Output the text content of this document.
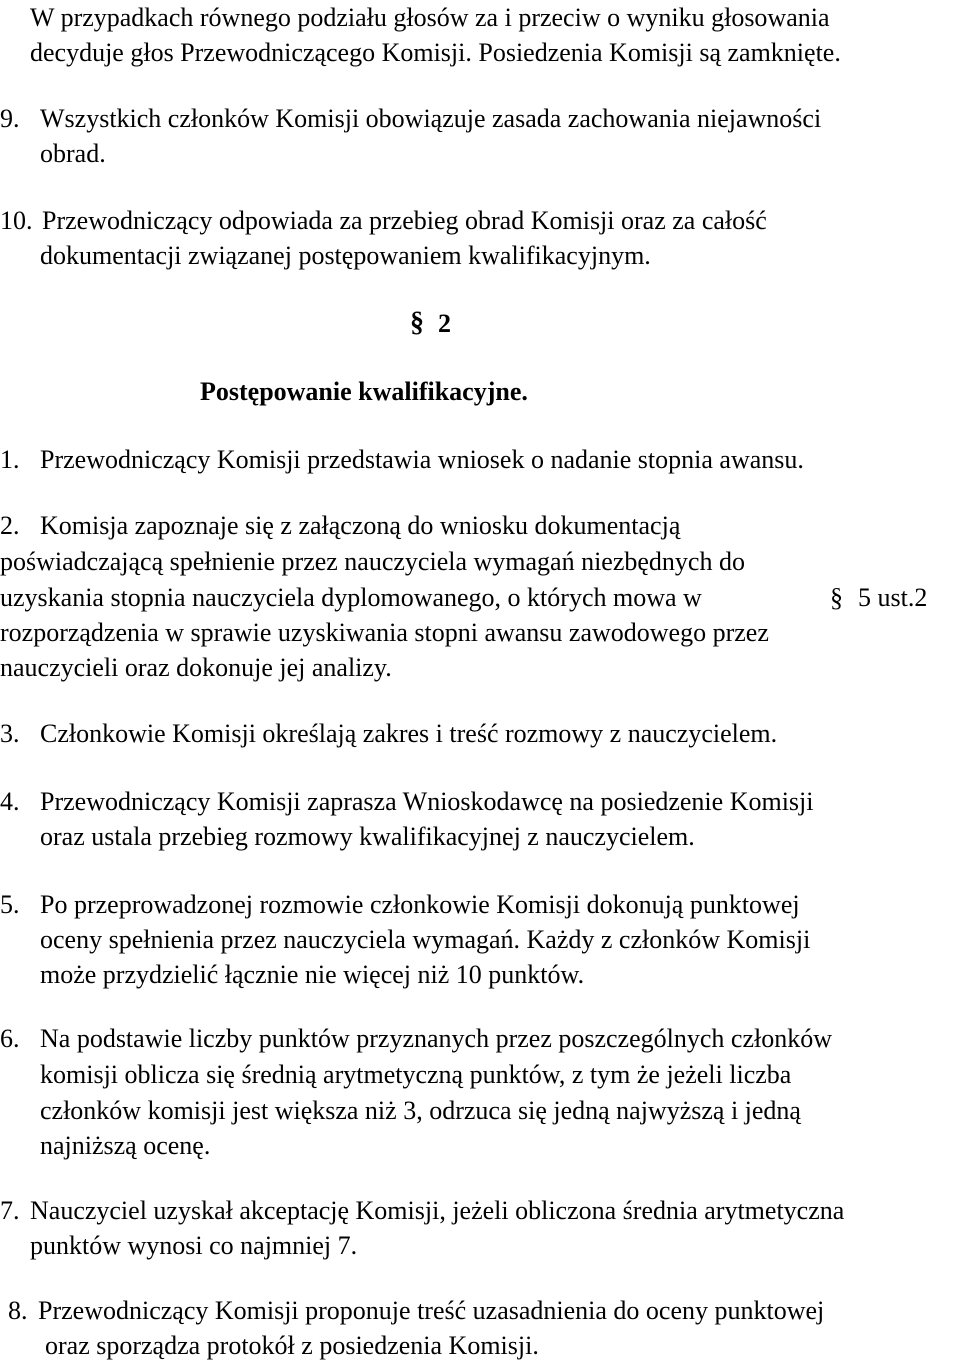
W przypadkach równego podziału głosów za i przeciw o wyniku głosowania
decyduje głos Przewodniczącego Komisji. Posiedzenia Komisji są zamknięte.
9. Wszystkich członków Komisji obowiązuje zasada zachowania niejawności
obrad.
10. Przewodniczący odpowiada za przebieg obrad Komisji oraz za całość
dokumentacji związanej postępowaniem kwalifikacyjnym.
§ 2
Postępowanie kwalifikacyjne.
1. Przewodniczący Komisji przedstawia wniosek o nadanie stopnia awansu.
2. Komisja zapoznaje się z załączoną do wniosku dokumentacją
poświadczającą spełnienie przez nauczyciela wymagań niezbędnych do
uzyskania stopnia nauczyciela dyplomowanego, o których mowa w	§ 5 ust.2
rozporządzenia w sprawie uzyskiwania stopni awansu zawodowego przez
nauczycieli oraz dokonuje jej analizy.
3. Członkowie Komisji określają zakres i treść rozmowy z nauczycielem.
4. Przewodniczący Komisji zaprasza Wnioskodawcę na posiedzenie Komisji
oraz ustala przebieg rozmowy kwalifikacyjnej z nauczycielem.
5. Po przeprowadzonej rozmowie członkowie Komisji dokonują punktowej
oceny spełnienia przez nauczyciela wymagań. Każdy z członków Komisji
może przydzielić łącznie nie więcej niż 10 punktów.
6. Na podstawie liczby punktów przyznanych przez poszczególnych członków
komisji oblicza się średnią arytmetyczną punktów, z tym że jeżeli liczba
członków komisji jest większa niż 3, odrzuca się jedną najwyższą i jedną
najniższą ocenę.
7. Nauczyciel uzyskał akceptację Komisji, jeżeli obliczona średnia arytmetyczna
punktów wynosi co najmniej 7.
8. Przewodniczący Komisji proponuje treść uzasadnienia do oceny punktowej
oraz sporządza protokół z posiedzenia Komisji.
